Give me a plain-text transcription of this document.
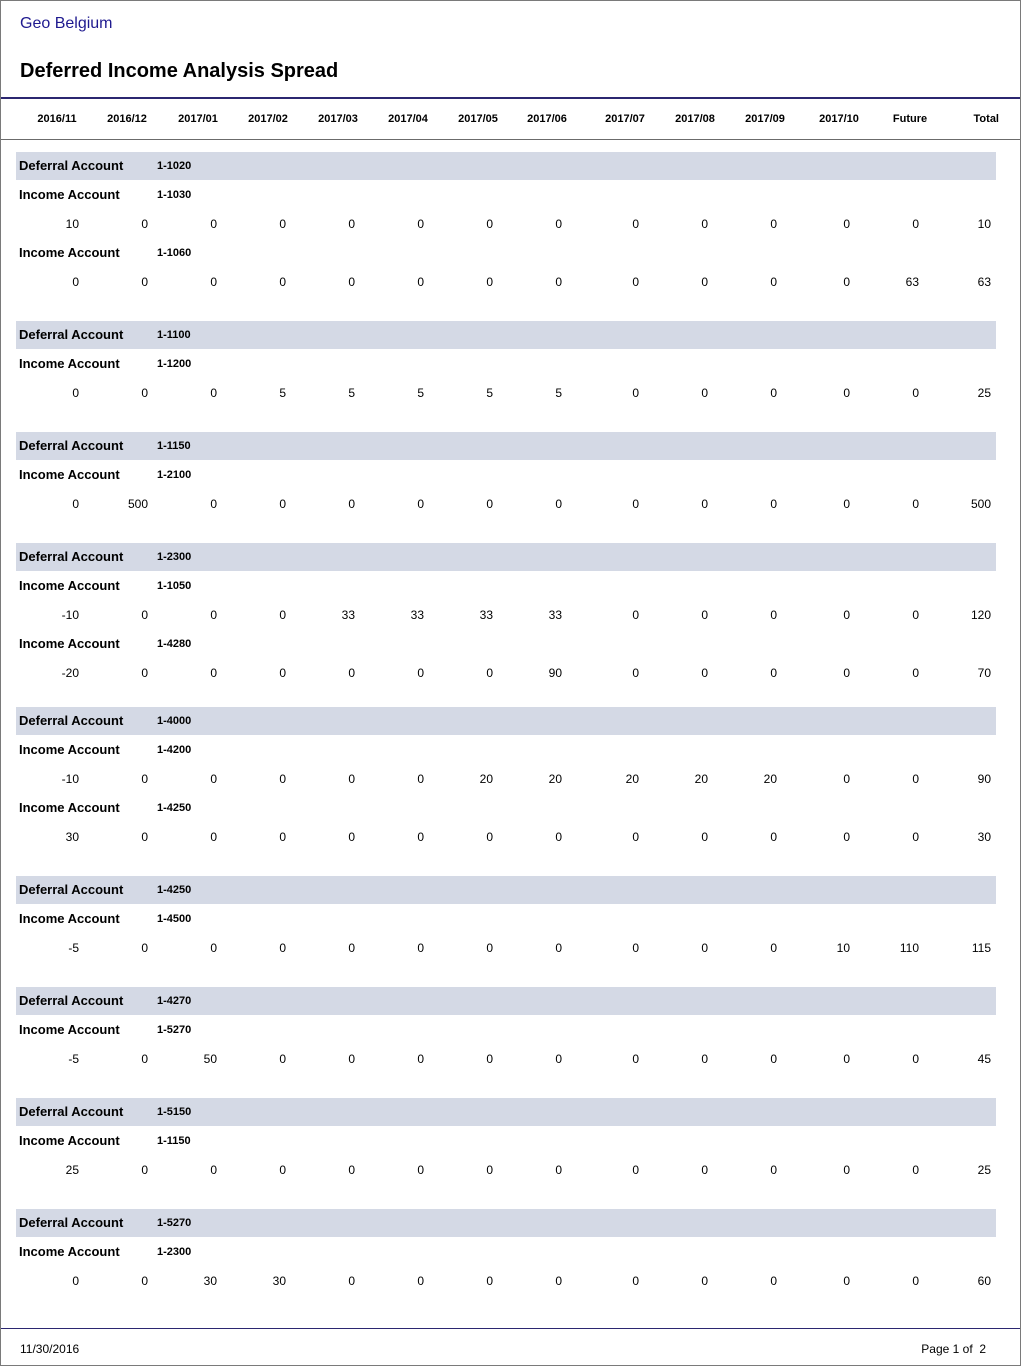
Geo Belgium
Deferred Income Analysis Spread
2016/11	2016/12	2017/01	2017/02	2017/03	2017/04	2017/05	2017/06	2017/07	2017/08	2017/09	2017/10	Future	Total
Deferral Account	1-1020
Income Account	1-1030
10	0	0	0	0	0	0	0	0	0	0	0	0	10
Income Account	1-1060
0	0	0	0	0	0	0	0	0	0	0	0	63	63
Deferral Account	1-1100
Income Account	1-1200
0	0	0	5	5	5	5	5	0	0	0	0	0	25
Deferral Account	1-1150
Income Account	1-2100
0	500	0	0	0	0	0	0	0	0	0	0	0	500
Deferral Account	1-2300
Income Account	1-1050
-10	0	0	0	33	33	33	33	0	0	0	0	0	120
Income Account	1-4280
-20	0	0	0	0	0	0	90	0	0	0	0	0	70
Deferral Account	1-4000
Income Account	1-4200
-10	0	0	0	0	0	20	20	20	20	20	0	0	90
Income Account	1-4250
30	0	0	0	0	0	0	0	0	0	0	0	0	30
Deferral Account	1-4250
Income Account	1-4500
-5	0	0	0	0	0	0	0	0	0	0	10	110	115
Deferral Account	1-4270
Income Account	1-5270
-5	0	50	0	0	0	0	0	0	0	0	0	0	45
Deferral Account	1-5150
Income Account	1-1150
25	0	0	0	0	0	0	0	0	0	0	0	0	25
Deferral Account	1-5270
Income Account	1-2300
0	0	30	30	0	0	0	0	0	0	0	0	0	60
11/30/2016	Page 1 of  2
